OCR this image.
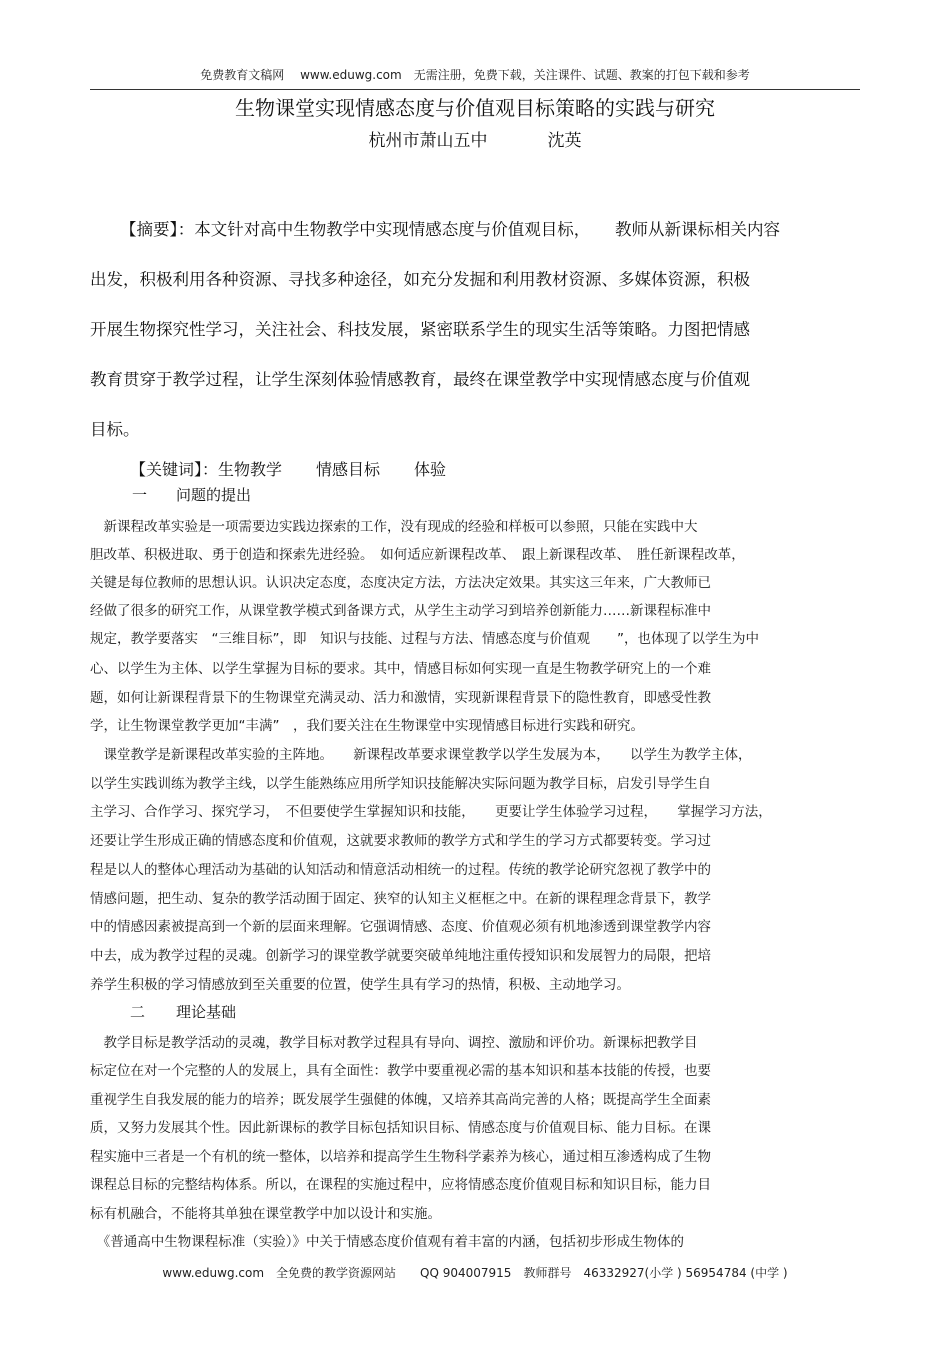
免费教育文稿网　 www.eduwg.com　无需注册，免费下载，关注课件、试题、教案的打包下载和参考
生物课堂实现情感态度与价值观目标策略的实践与研究
杭州市萧山五中	沈英
【摘要】：本文针对高中生物教学中实现情感态度与价值观目标，　　教师从新课标相关内容
出发，积极利用各种资源、寻找多种途径，如充分发掘和利用教材资源、多媒体资源，积极
开展生物探究性学习，关注社会、科技发展，紧密联系学生的现实生活等策略。力图把情感
教育贯穿于教学过程，让学生深刻体验情感教育，最终在课堂教学中实现情感态度与价值观
目标。
【关键词】：生物教学 情感目标 体验
一 问题的提出
　新课程改革实验是一项需要边实践边探索的工作，没有现成的经验和样板可以参照，只能在实践中大
胆改革、积极进取、勇于创造和探索先进经验。　如何适应新课程改革、　跟上新课程改革、　胜任新课程改革，
关键是每位教师的思想认识。认识决定态度，态度决定方法，方法决定效果。其实这三年来，广大教师已
经做了很多的研究工作，从课堂教学模式到备课方式，从学生主动学习到培养创新能力……新课程标准中
规定，教学要落实　“三维目标”，即　知识与技能、过程与方法、情感态度与价值观　　”，也体现了以学生为中
心、以学生为主体、以学生掌握为目标的要求。其中，情感目标如何实现一直是生物教学研究上的一个难
题，如何让新课程背景下的生物课堂充满灵动、活力和激情，实现新课程背景下的隐性教育，即感受性教
学，让生物课堂教学更加“丰满”　，我们要关注在生物课堂中实现情感目标进行实践和研究。
　课堂教学是新课程改革实验的主阵地。　　新课程改革要求课堂教学以学生发展为本，　　以学生为教学主体，
以学生实践训练为教学主线，以学生能熟练应用所学知识技能解决实际问题为教学目标，启发引导学生自
主学习、合作学习、探究学习，　不但要使学生掌握知识和技能，　　更要让学生体验学习过程，　　掌握学习方法，
还要让学生形成正确的情感态度和价值观，这就要求教师的教学方式和学生的学习方式都要转变。学习过
程是以人的整体心理活动为基础的认知活动和情意活动相统一的过程。传统的教学论研究忽视了教学中的
情感问题，把生动、复杂的教学活动囿于固定、狭窄的认知主义框框之中。在新的课程理念背景下，教学
中的情感因素被提高到一个新的层面来理解。它强调情感、态度、价值观必须有机地渗透到课堂教学内容
中去，成为教学过程的灵魂。创新学习的课堂教学就要突破单纯地注重传授知识和发展智力的局限，把培
养学生积极的学习情感放到至关重要的位置，使学生具有学习的热情，积极、主动地学习。
二 理论基础
　教学目标是教学活动的灵魂，教学目标对教学过程具有导向、调控、激励和评价功。新课标把教学目
标定位在对一个完整的人的发展上，具有全面性：教学中要重视必需的基本知识和基本技能的传授，也要
重视学生自我发展的能力的培养；既发展学生强健的体魄，又培养其高尚完善的人格；既提高学生全面素
质，又努力发展其个性。因此新课标的教学目标包括知识目标、情感态度与价值观目标、能力目标。在课
程实施中三者是一个有机的统一整体，以培养和提高学生生物科学素养为核心，通过相互渗透构成了生物
课程总目标的完整结构体系。所以，在课程的实施过程中，应将情感态度价值观目标和知识目标，能力目
标有机融合，不能将其单独在课堂教学中加以设计和实施。
　《普通高中生物课程标准（实验）》中关于情感态度价值观有着丰富的内涵，包括初步形成生物体的
www.eduwg.com　全免费的教学资源网站　　QQ 904007915　教师群号　46332927(小学 ) 56954784 (中学 )
